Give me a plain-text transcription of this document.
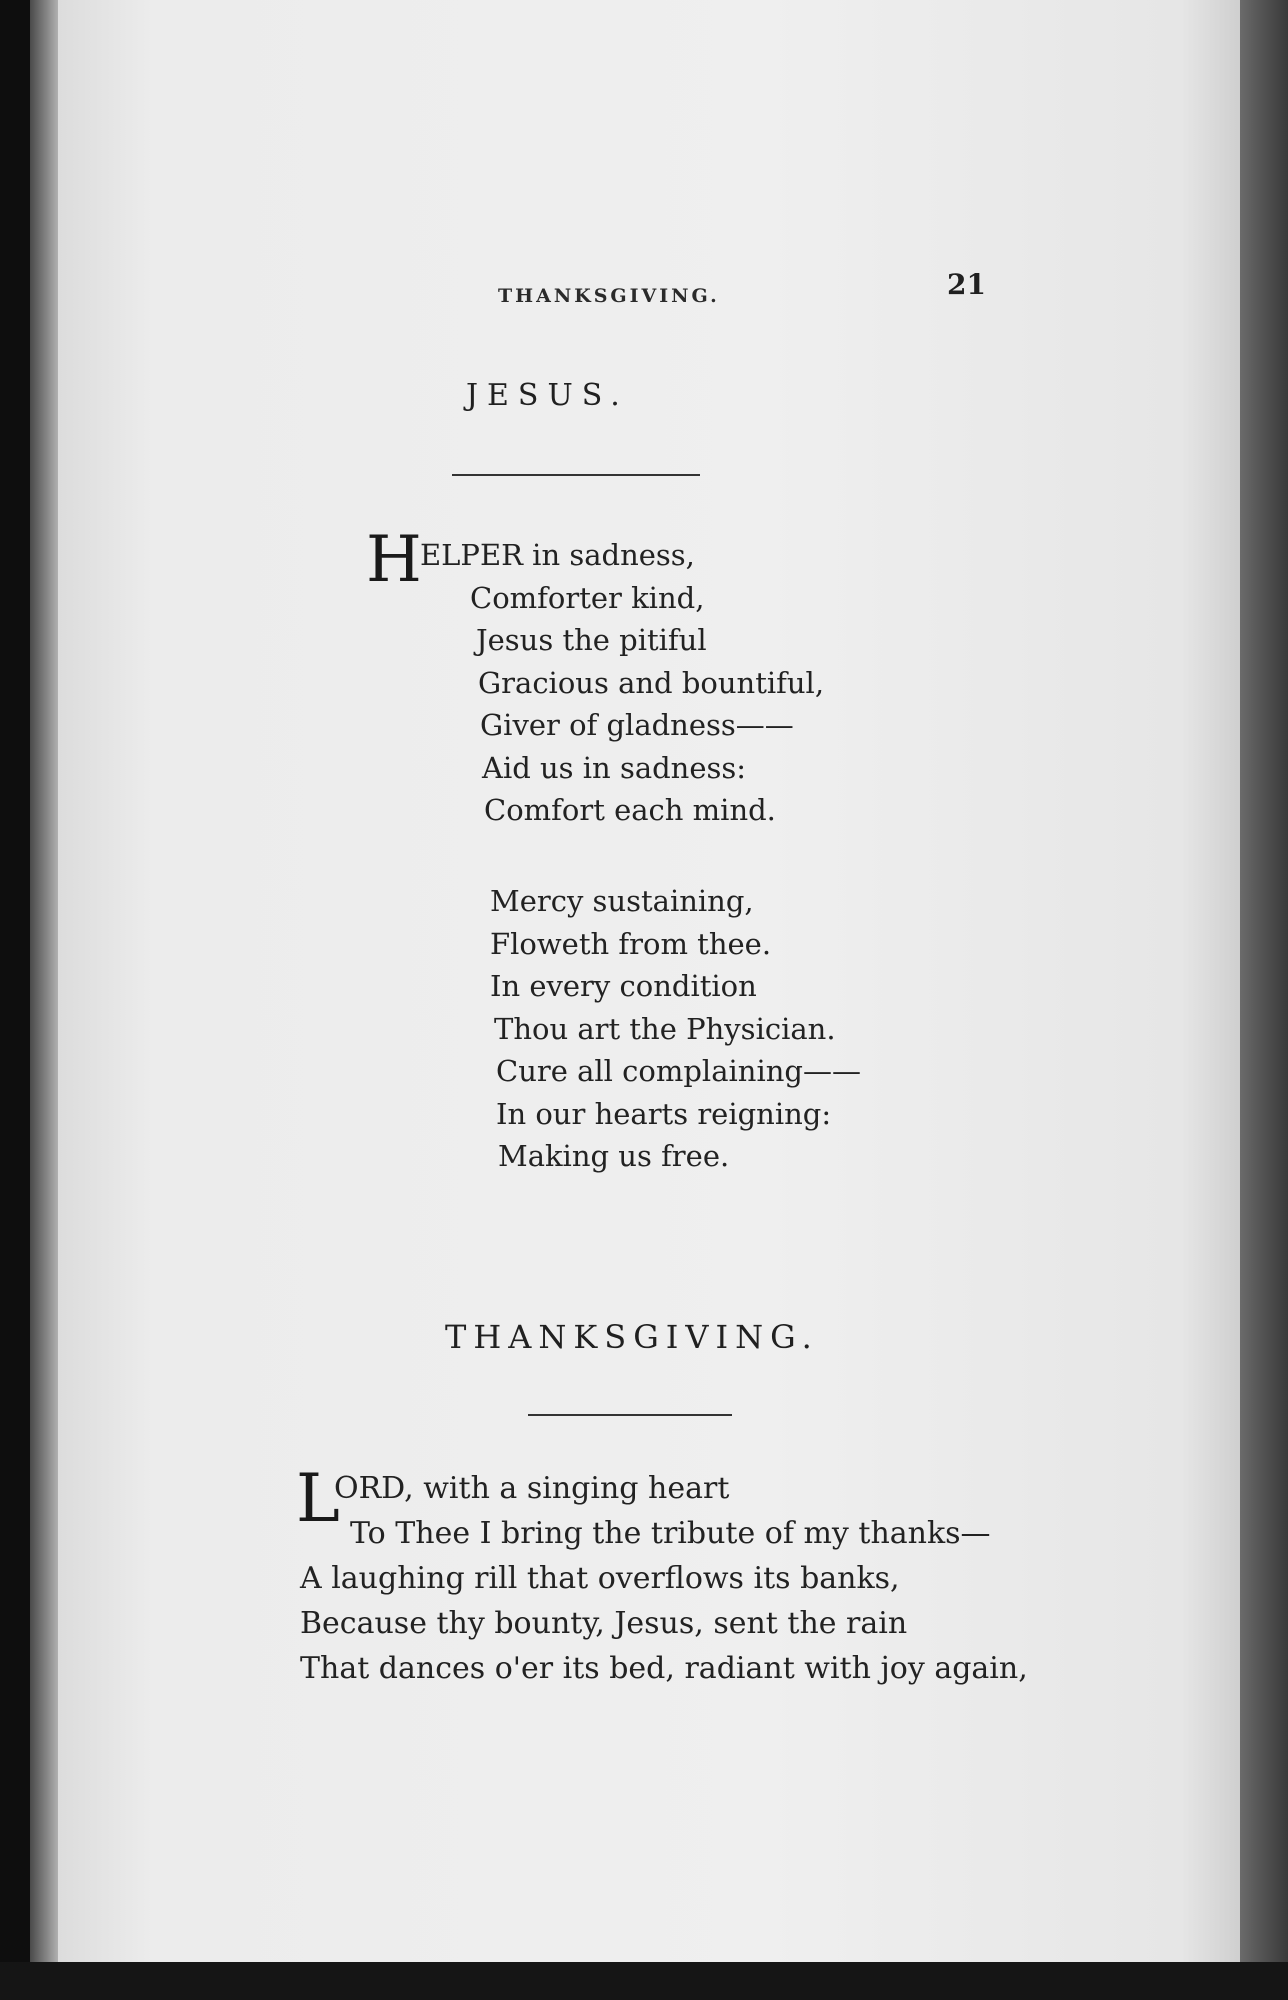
THANKSGIVING.	21
JESUS.
H
ELPER in sadness,
Comforter kind,
Jesus the pitiful
Gracious and bountiful,
Giver of gladness——
Aid us in sadness:
Comfort each mind.
Mercy sustaining,
Floweth from thee.
In every condition
Thou art the Physician.
Cure all complaining——
In our hearts reigning:
Making us free.
THANKSGIVING.
L
ORD, with a singing heart
To Thee I bring the tribute of my thanks—
A laughing rill that overflows its banks,
Because thy bounty, Jesus, sent the rain
That dances o'er its bed, radiant with joy again,
